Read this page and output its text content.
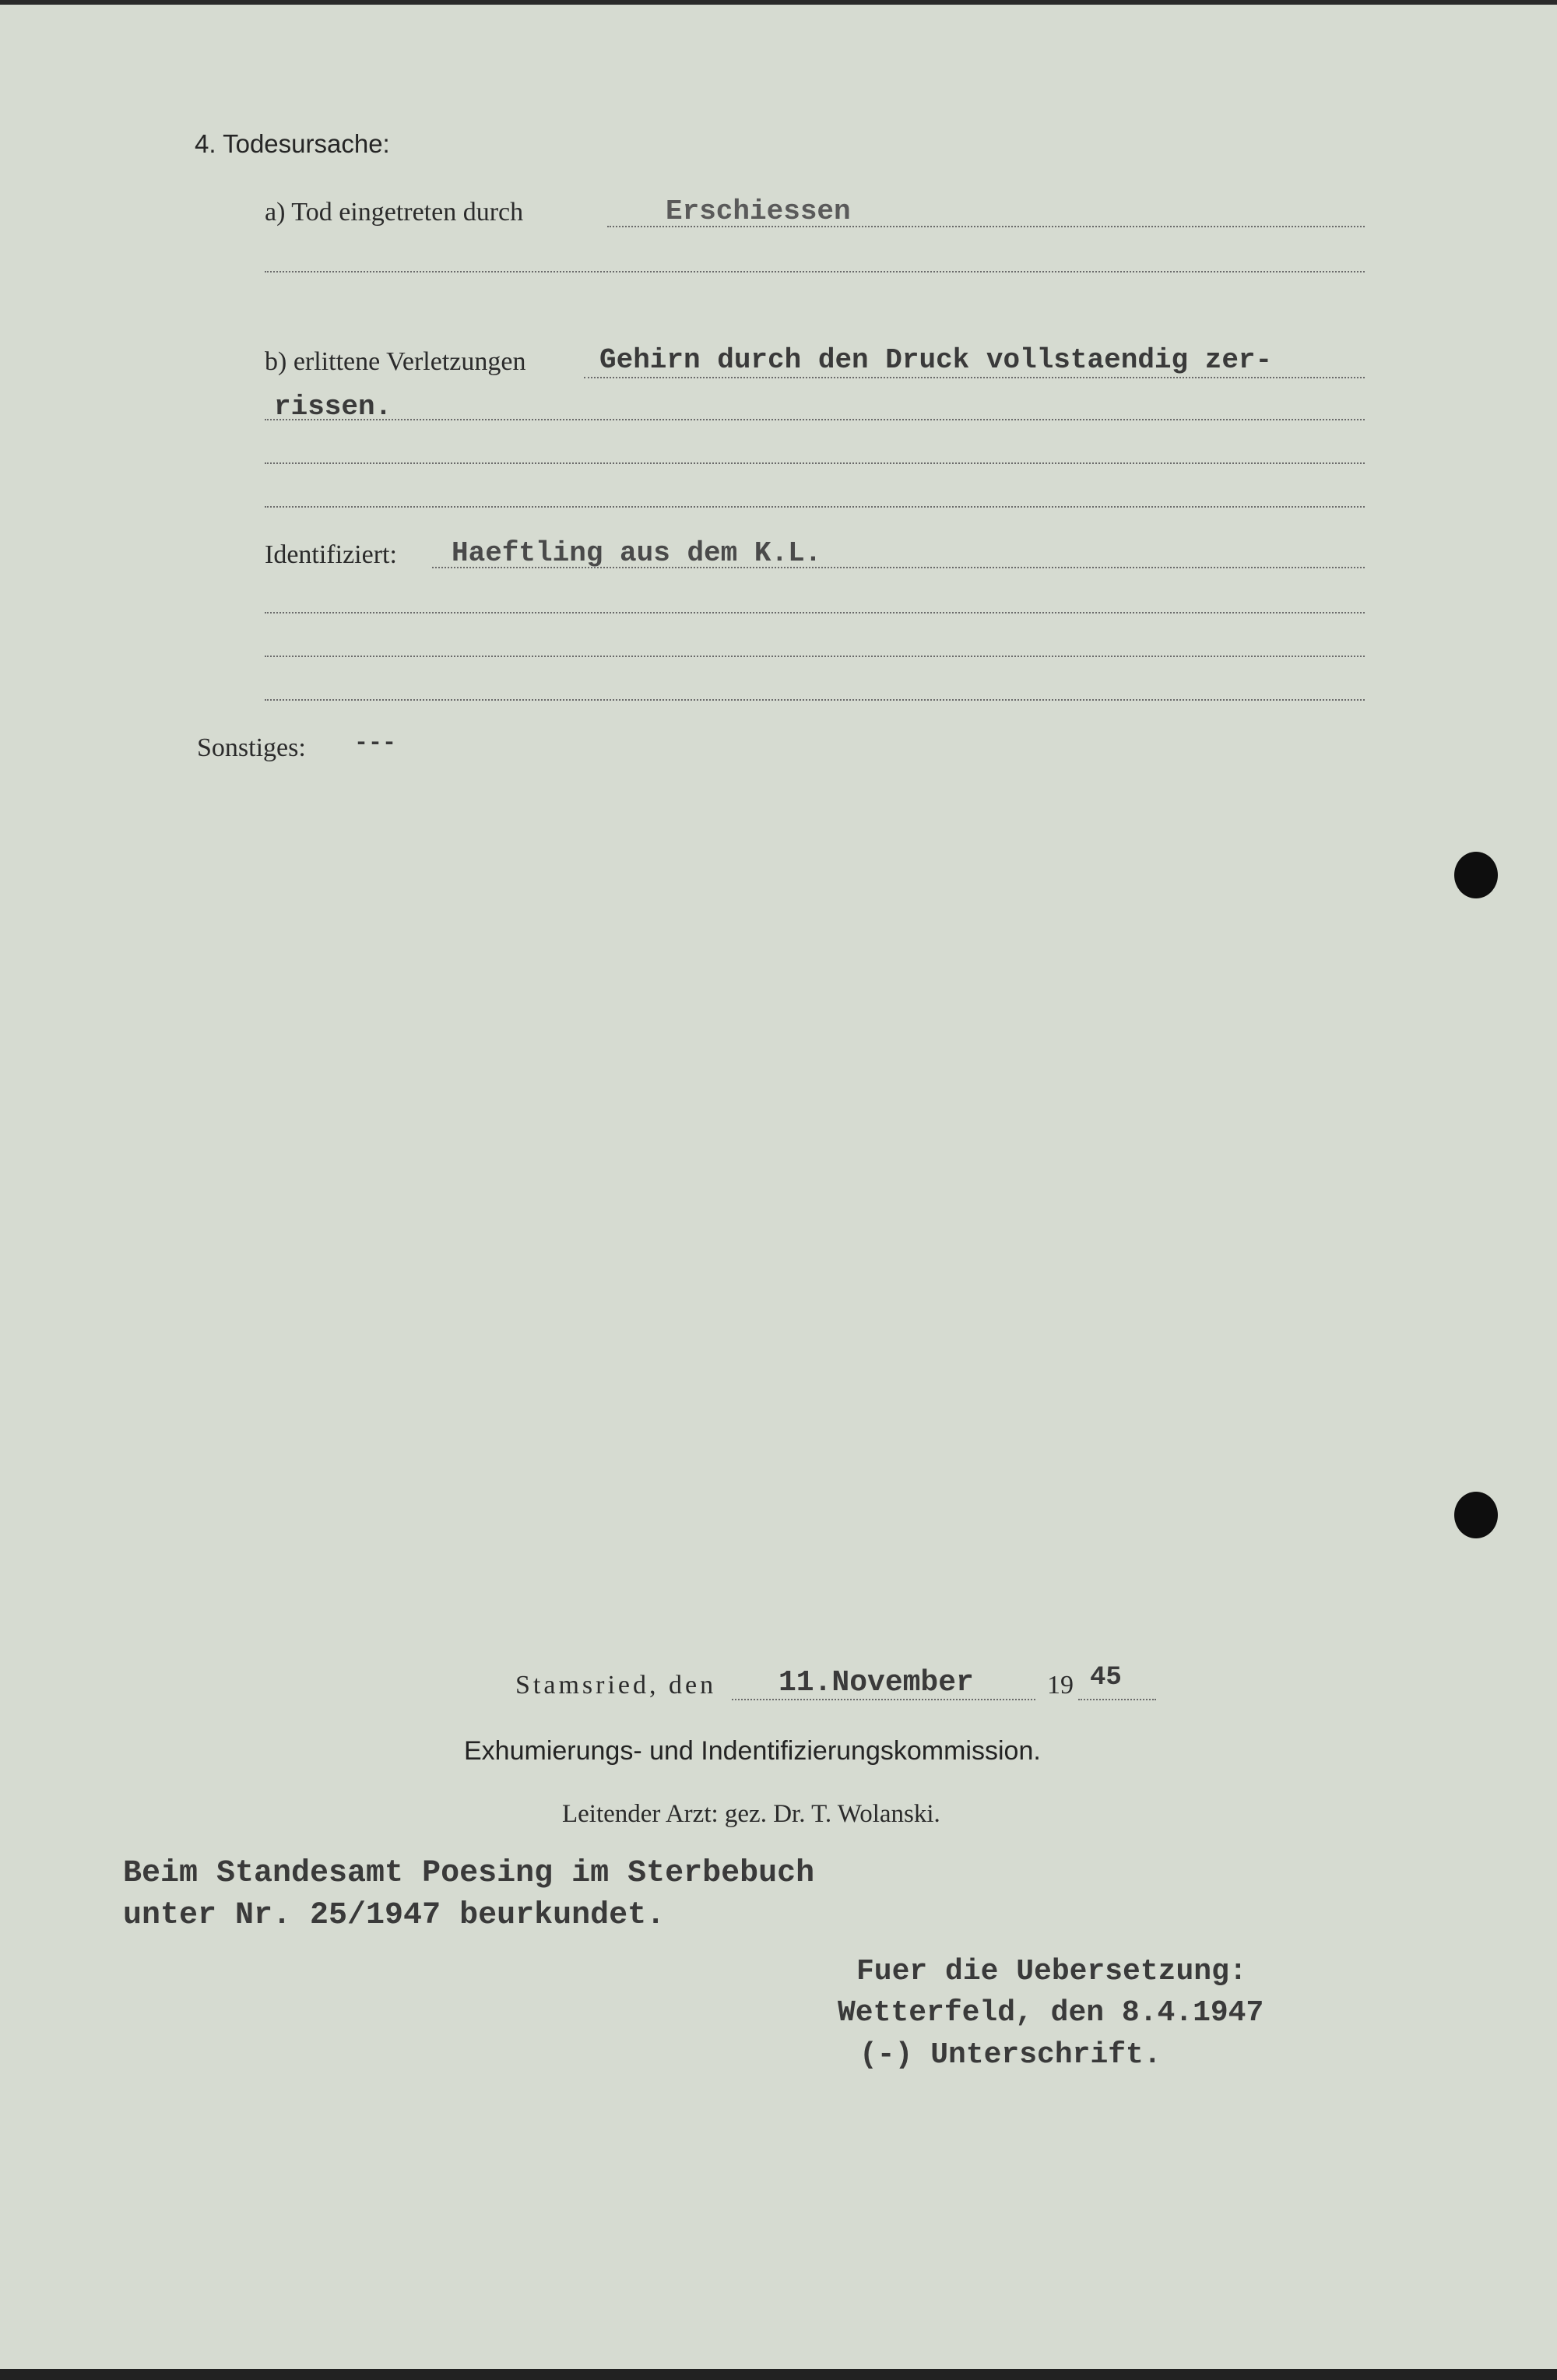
4. Todesursache:
a) Tod eingetreten durch	Erschiessen
b) erlittene Verletzungen	Gehirn durch den Druck vollstaendig zer-
rissen.
Identifiziert: Haeftling aus dem K.L.
Sonstiges: ---
Stamsried, den 11.November	19 45
Exhumierungs- und Indentifizierungskommission.
Leitender Arzt: gez. Dr. T. Wolanski.
Beim Standesamt Poesing im Sterbebuch
unter Nr. 25/1947 beurkundet.
Fuer die Uebersetzung:
Wetterfeld, den 8.4.1947
(-) Unterschrift.
